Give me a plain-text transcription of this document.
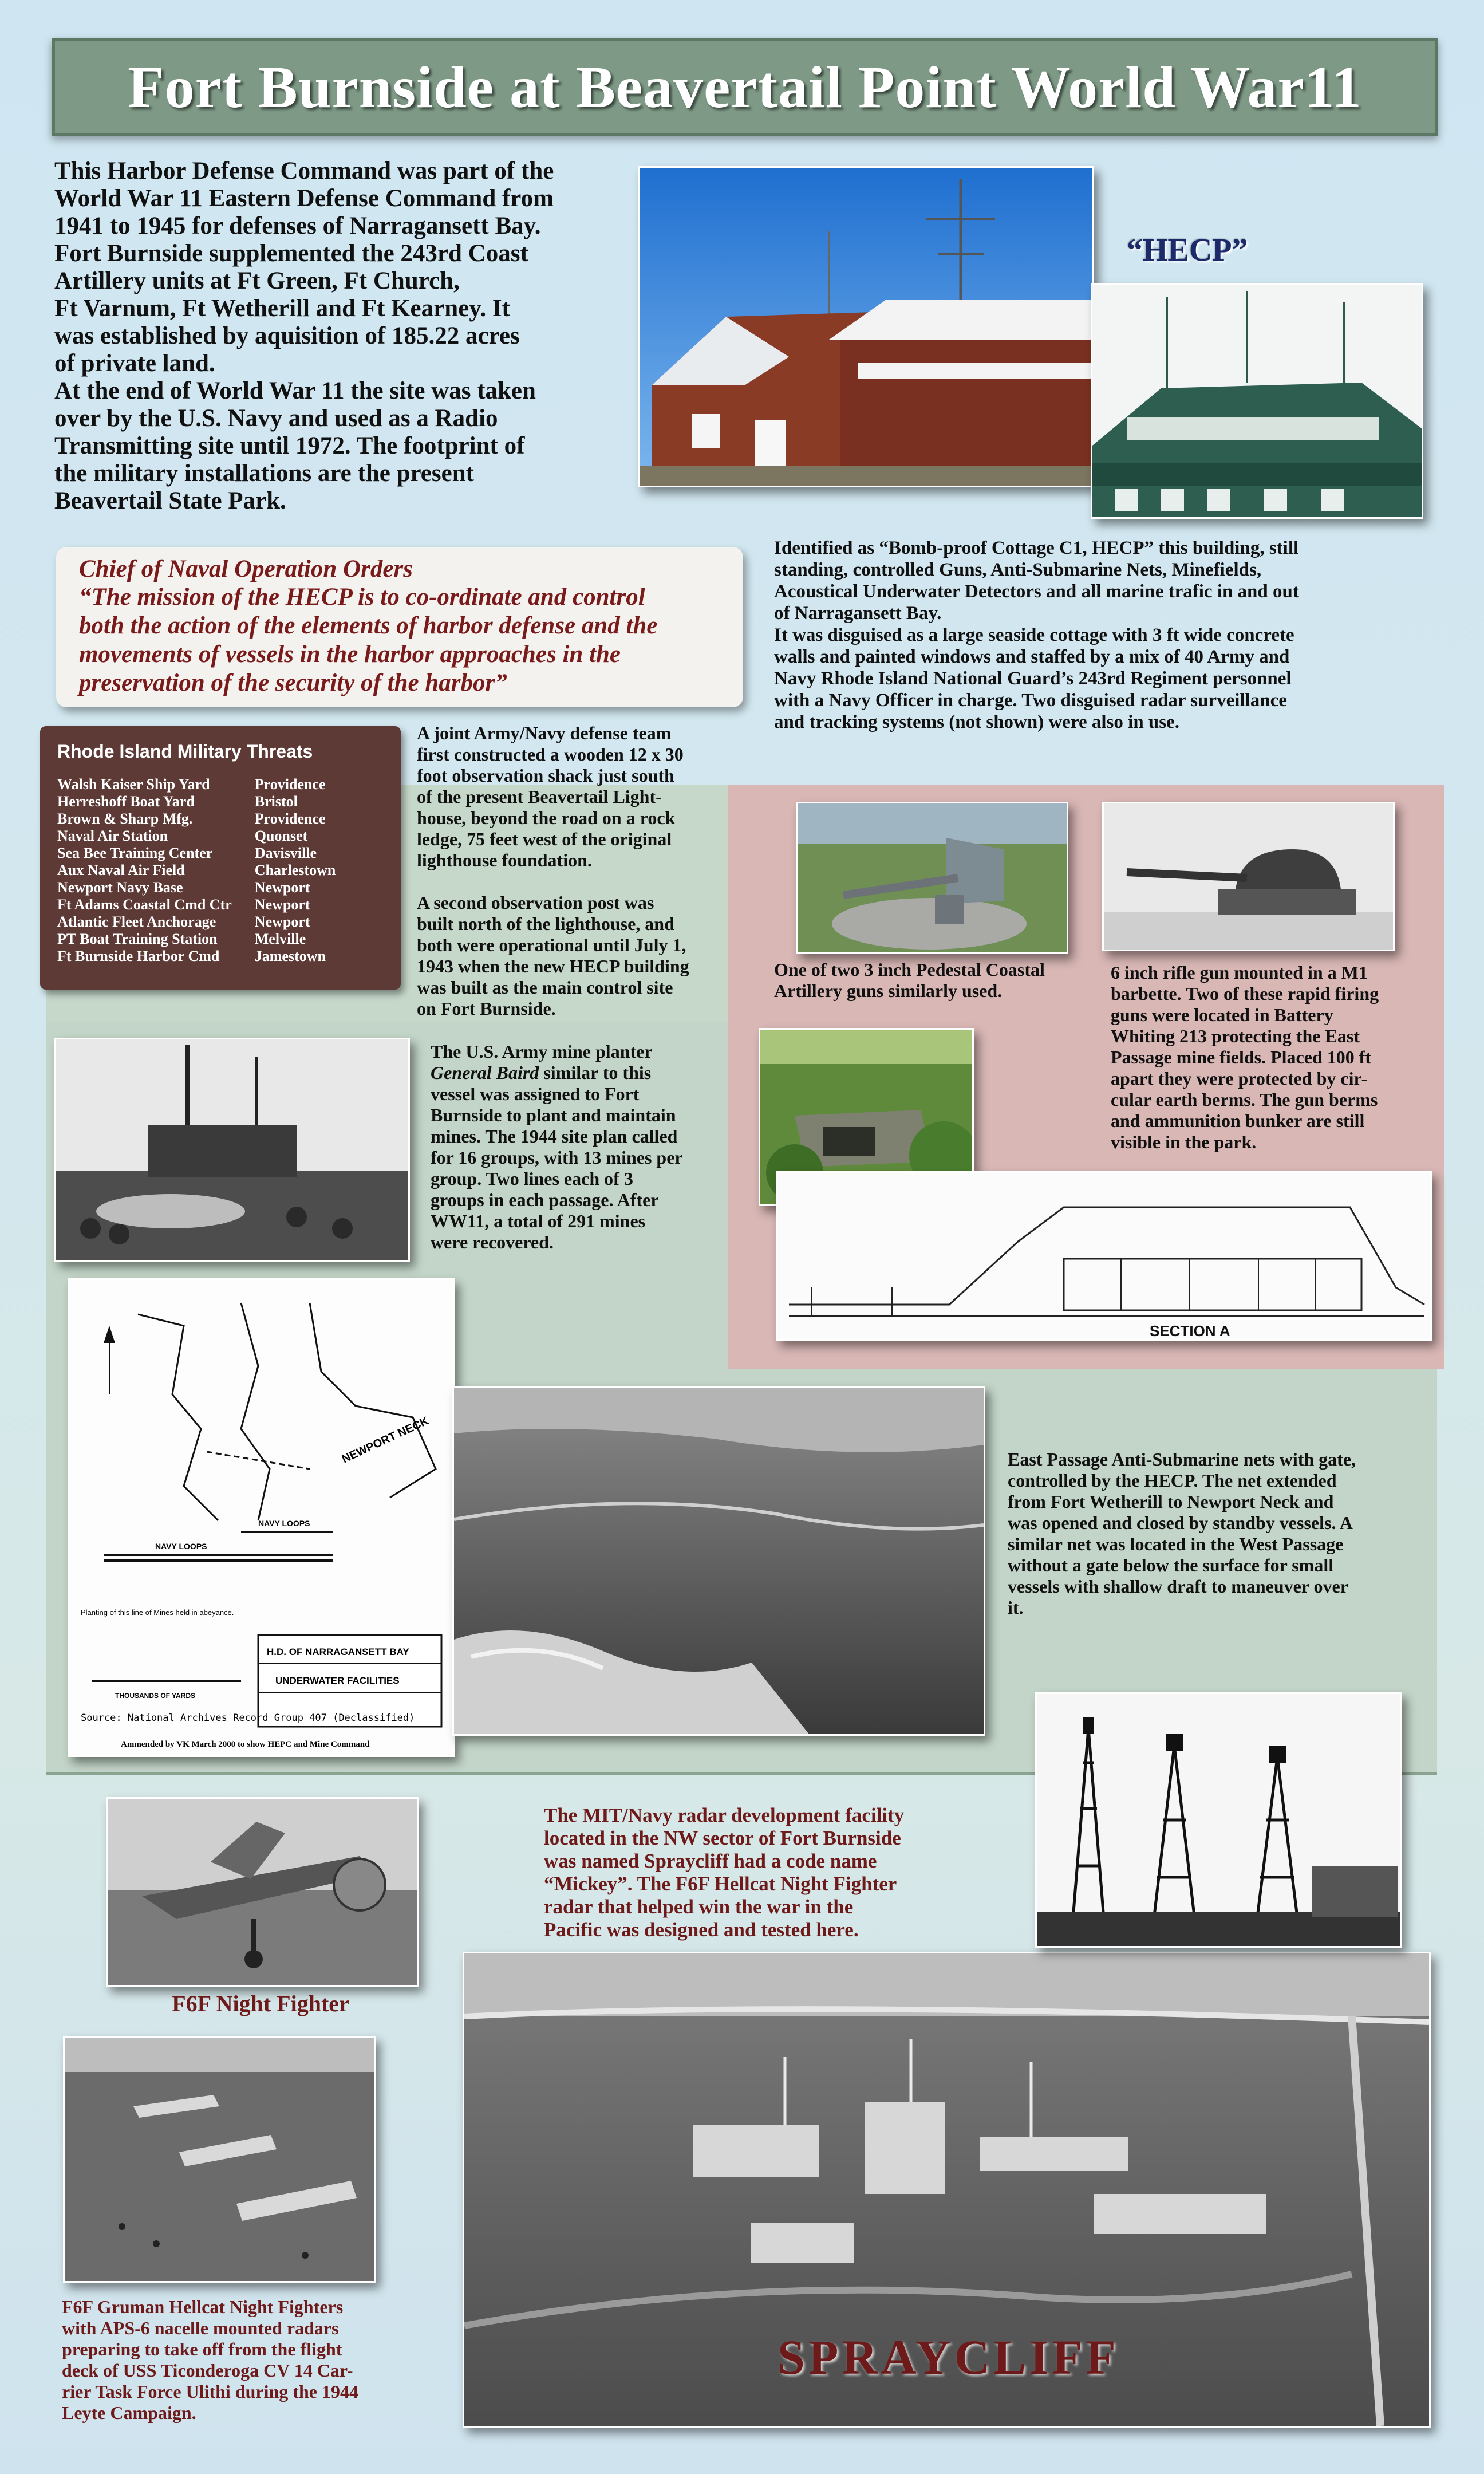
Fort Burnside at Beavertail Point World War11
This Harbor Defense Command was part of the
World War 11 Eastern Defense Command from
1941 to 1945 for defenses of Narragansett Bay.
Fort Burnside supplemented the 243rd Coast
Artillery units at Ft Green, Ft Church,
Ft Varnum, Ft Wetherill and Ft Kearney. It
was established by aquisition of 185.22 acres
of private land.
At the end of World War 11 the site was taken
over by the U.S. Navy and used as a Radio
Transmitting site until 1972. The footprint of
the military installations are the present
Beavertail State Park.
“HECP”
Identified as “Bomb-proof Cottage C1, HECP” this building, still
standing, controlled Guns, Anti-Submarine Nets, Minefields,
Acoustical Underwater Detectors and all marine trafic in and out
of Narragansett Bay.
It was disguised as a large seaside cottage with 3 ft wide concrete
walls and painted windows and staffed by a mix of 40 Army and
Navy Rhode Island National Guard’s 243rd Regiment personnel
with a Navy Officer in charge. Two disguised radar surveillance
and tracking systems (not shown) were also in use.
Chief of Naval Operation Orders
“The mission of the HECP is to co-ordinate and control
both the action of the elements of harbor defense and the
movements of vessels in the harbor approaches in the
preservation of the security of the harbor”
Rhode Island Military Threats
Walsh Kaiser Ship Yard	Providence
Herreshoff Boat Yard	Bristol
Brown & Sharp Mfg.	Providence
Naval Air Station	Quonset
Sea Bee Training Center	Davisville
Aux Naval Air Field	Charlestown
Newport Navy Base	Newport
Ft Adams Coastal Cmd Ctr	Newport
Atlantic Fleet Anchorage	Newport
PT Boat Training Station	Melville
Ft Burnside Harbor Cmd	Jamestown
A joint Army/Navy defense team
first constructed a wooden 12 x 30
foot observation shack just south
of the present Beavertail Light-
house, beyond the road on a rock
ledge, 75 feet west of the original
lighthouse foundation.

A second observation post was
built north of the lighthouse, and
both were operational until July 1,
1943 when the new HECP building
was built as the main control site
on Fort Burnside.
One of two 3 inch Pedestal Coastal
Artillery guns similarly used.
6 inch rifle gun mounted in a M1
barbette. Two of these rapid firing
guns were located in Battery
Whiting 213 protecting the East
Passage mine fields. Placed 100 ft
apart they were protected by cir-
cular earth berms. The gun berms
and ammunition bunker are still
visible in the park.
SECTION A
The U.S. Army mine planter
General Baird similar to this
vessel was assigned to Fort
Burnside to plant and maintain
mines. The 1944 site plan called
for 16 groups, with 13 mines per
group. Two lines each of 3
groups in each passage. After
WW11, a total of 291 mines
were recovered.
NEWPORT NECK
NAVY LOOPS
NAVY LOOPS
Planting of this line of Mines held in abeyance.
H.D. OF NARRAGANSETT BAY
UNDERWATER FACILITIES
THOUSANDS OF YARDS
Source: National Archives Record Group 407 (Declassified)
Ammended by VK March 2000 to show HEPC and Mine Command
East Passage Anti-Submarine nets with gate,
controlled by the HECP. The net extended
from Fort Wetherill to Newport Neck and
was opened and closed by standby vessels. A
similar net was located in the West Passage
without a gate below the surface for small
vessels with shallow draft to maneuver over
it.
F6F Night Fighter
F6F Gruman Hellcat Night Fighters
with APS-6 nacelle mounted radars
preparing to take off from the flight
deck of USS Ticonderoga CV 14 Car-
rier Task Force Ulithi during the 1944
Leyte Campaign.
The MIT/Navy radar development facility
located in the NW sector of Fort Burnside
was named Spraycliff had a code name
“Mickey”. The F6F Hellcat Night Fighter
radar that helped win the war in the
Pacific was designed and tested here.
SPRAYCLIFF
